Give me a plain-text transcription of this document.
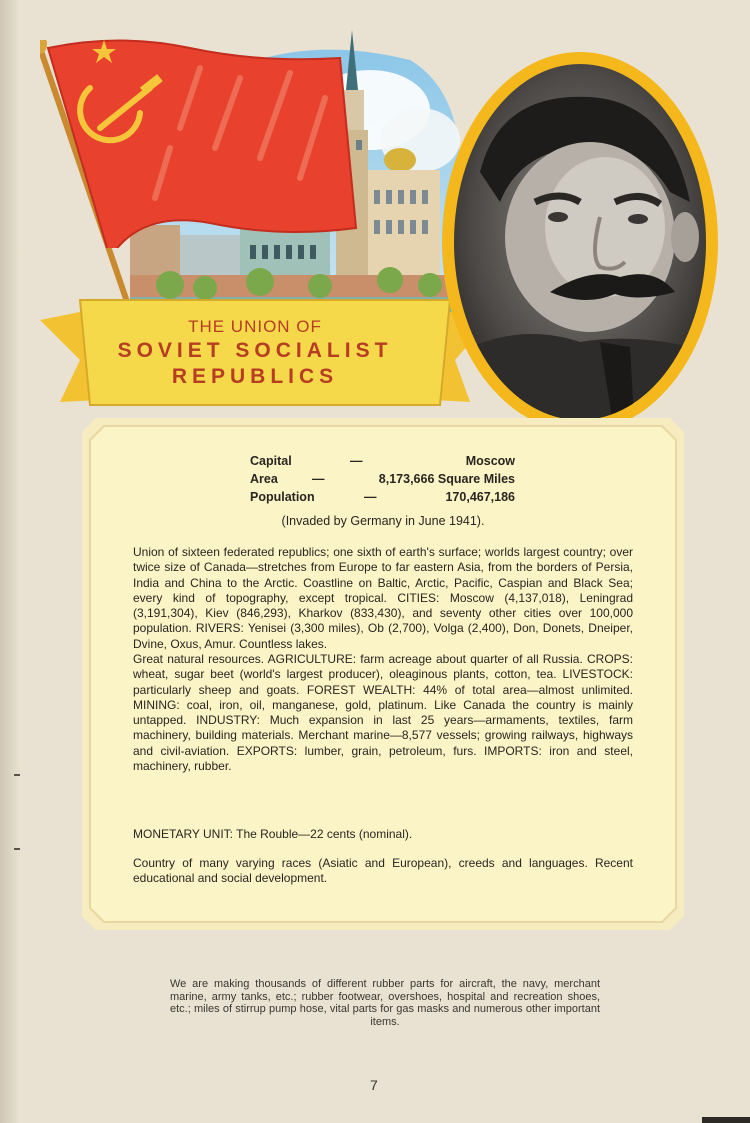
THE UNION OF
SOVIET SOCIALIST
REPUBLICS
Capital	—	Moscow
Area	—	8,173,666 Square Miles
Population	—	170,467,186
(Invaded by Germany in June 1941).

Union of sixteen federated republics; one sixth of earth's surface; worlds largest country; over twice size of Canada—stretches from Europe to far eastern Asia, from the borders of Persia, India and China to the Arctic. Coastline on Baltic, Arctic, Pacific, Caspian and Black Sea; every kind of topography, except tropical. CITIES: Moscow (4,137,018), Leningrad (3,191,304), Kiev (846,293), Kharkov (833,430), and seventy other cities over 100,000 population. RIVERS: Yenisei (3,300 miles), Ob (2,700), Volga (2,400), Don, Donets, Dneiper, Dvine, Oxus, Amur. Countless lakes.

Great natural resources. AGRICULTURE: farm acreage about quarter of all Russia. CROPS: wheat, sugar beet (world's largest producer), oleaginous plants, cotton, tea. LIVESTOCK: particularly sheep and goats. FOREST WEALTH: 44% of total area—almost unlimited. MINING: coal, iron, oil, manganese, gold, platinum. Like Canada the country is mainly untapped. INDUSTRY: Much expansion in last 25 years—armaments, textiles, farm machinery, building materials. Merchant marine—8,577 vessels; growing railways, highways and civil-aviation. EXPORTS: lumber, grain, petroleum, furs. IMPORTS: iron and steel, machinery, rubber.

MONETARY UNIT: The Rouble—22 cents (nominal).

Country of many varying races (Asiatic and European), creeds and languages. Recent educational and social development.

We are making thousands of different rubber parts for aircraft, the navy, merchant marine, army tanks, etc.; rubber footwear, overshoes, hospital and recreation shoes, etc.; miles of stirrup pump hose, vital parts for gas masks and numerous other important items.

7
